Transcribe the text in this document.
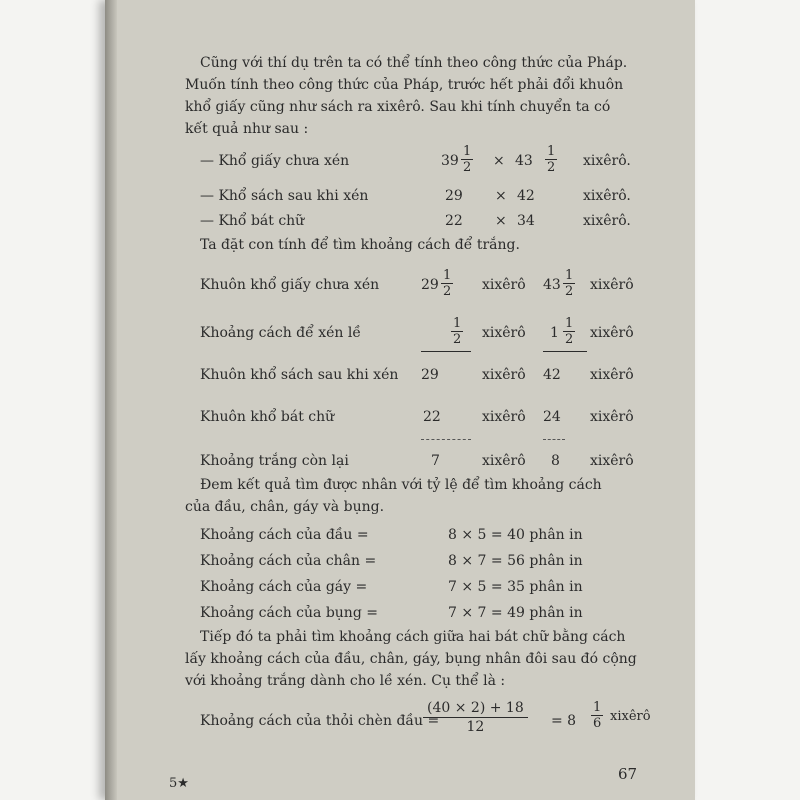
Cũng với thí dụ trên ta có thể tính theo công thức của Pháp.
Muốn tính theo công thức của Pháp, trước hết phải đổi khuôn
khổ giấy cũng như sách ra xixêrô. Sau khi tính chuyển ta có
kết quả như sau :
— Khổ giấy chưa xén	$39 \frac{1}{2} \times 43 \frac{1}{2}$ xixêrô.
— Khổ sách sau khi xén	29 × 42	xixêrô.
— Khổ bát chữ	22 × 34	xixêrô.
Ta đặt con tính để tìm khoảng cách để trắng.
Khuôn khổ giấy chưa xén	$29 \frac{1}{2}$ xixêrô $43 \frac{1}{2}$ xixêrô
Khoảng cách để xén lề	$\frac{1}{2}$ xixêrô $1 \frac{1}{2}$ xixêrô
Khuôn khổ sách sau khi xén 29	xixêrô 42 xixêrô
Khuôn khổ bát chữ	22	xixêrô 24 xixêrô
Khoảng trắng còn lại	7	xixêrô 8 xixêrô
Đem kết quả tìm được nhân với tỷ lệ để tìm khoảng cách
của đầu, chân, gáy và bụng.
Khoảng cách của đầu =	8 × 5 = 40 phân in
Khoảng cách của chân =	8 × 7 = 56 phân in
Khoảng cách của gáy =	7 × 5 = 35 phân in
Khoảng cách của bụng =	7 × 7 = 49 phân in
Tiếp đó ta phải tìm khoảng cách giữa hai bát chữ bằng cách
lấy khoảng cách của đầu, chân, gáy, bụng nhân đôi sau đó cộng
với khoảng trắng dành cho lề xén. Cụ thể là :
Khoảng cách của thỏi chèn đầu =
$\frac{(40 \times 2) + 18}{12} = 8 \frac{1}{6}$ xixêrô
5★
67
